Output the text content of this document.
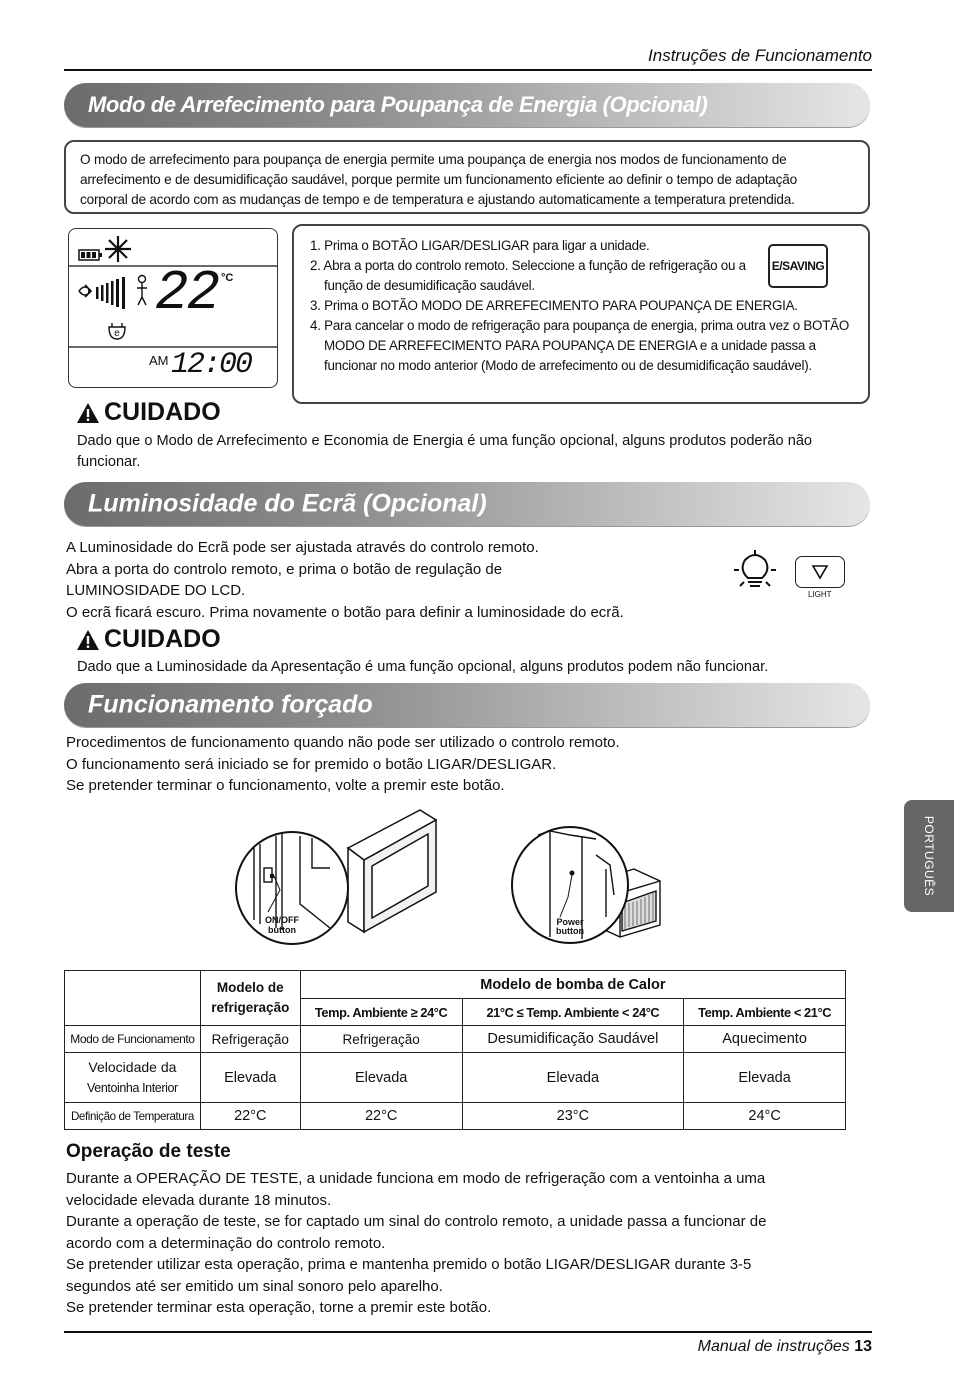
Instruções de Funcionamento
Modo de Arrefecimento para Poupança de Energia (Opcional)
O modo de arrefecimento para poupança de energia permite uma poupança de energia nos modos de funcionamento de
arrefecimento e de desumidificação saudável, porque permite um funcionamento eficiente ao definir o tempo de adaptação
corporal de acordo com as mudanças de tempo e de temperatura e ajustando automaticamente a temperatura pretendida.
e
22 °C
AM 12:00
1. Prima o BOTÃO LIGAR/DESLIGAR para ligar a unidade.
2. Abra a porta do controlo remoto. Seleccione a função de refrigeração ou a função de desumidificação saudável.
3. Prima o BOTÃO MODO DE ARREFECIMENTO PARA POUPANÇA DE ENERGIA.
4. Para cancelar o modo de refrigeração para poupança de energia, prima outra vez o BOTÃO MODO DE ARREFECIMENTO PARA POUPANÇA DE ENERGIA e a unidade passa a funcionar no modo anterior (Modo de arrefecimento ou de desumidificação saudável).
E/SAVING
CUIDADO
Dado que o Modo de Arrefecimento e Economia de Energia é uma função opcional, alguns produtos poderão não funcionar.
Luminosidade do Ecrã (Opcional)
A Luminosidade do Ecrã pode ser ajustada através do controlo remoto.
Abra a porta do controlo remoto, e prima o botão de regulação de
LUMINOSIDADE DO LCD.
O ecrã ficará escuro. Prima novamente o botão para definir a luminosidade do ecrã.
LIGHT
CUIDADO
Dado que a Luminosidade da Apresentação é uma função opcional, alguns produtos podem não funcionar.
Funcionamento forçado
Procedimentos de funcionamento quando não pode ser utilizado o controlo remoto.
O funcionamento será iniciado se for premido o botão LIGAR/DESLIGAR.
Se pretender terminar o funcionamento, volte a premir este botão.
ON/OFF
button
Power
button
	Modelo de refrigeração	Modelo de bomba de Calor		
		Temp. Ambiente ≥ 24°C	21°C ≤ Temp. Ambiente < 24°C	Temp. Ambiente < 21°C
Modo de Funcionamento	Refrigeração	Refrigeração	Desumidificação Saudável	Aquecimento

Velocidade da
Ventoinha Interior	Elevada	Elevada	Elevada	Elevada
Definição de Temperatura	22°C	22°C	23°C	24°C
Operação de teste
Durante a OPERAÇÃO DE TESTE, a unidade funciona em modo de refrigeração com a ventoinha a uma
velocidade elevada durante 18 minutos.
Durante a operação de teste, se for captado um sinal do controlo remoto, a unidade passa a funcionar de
acordo com a determinação do controlo remoto.
Se pretender utilizar esta operação, prima e mantenha premido o botão LIGAR/DESLIGAR durante 3-5
segundos até ser emitido um sinal sonoro pelo aparelho.
Se pretender terminar esta operação, torne a premir este botão.
PORTUGUÊS
Manual de instruções 13
